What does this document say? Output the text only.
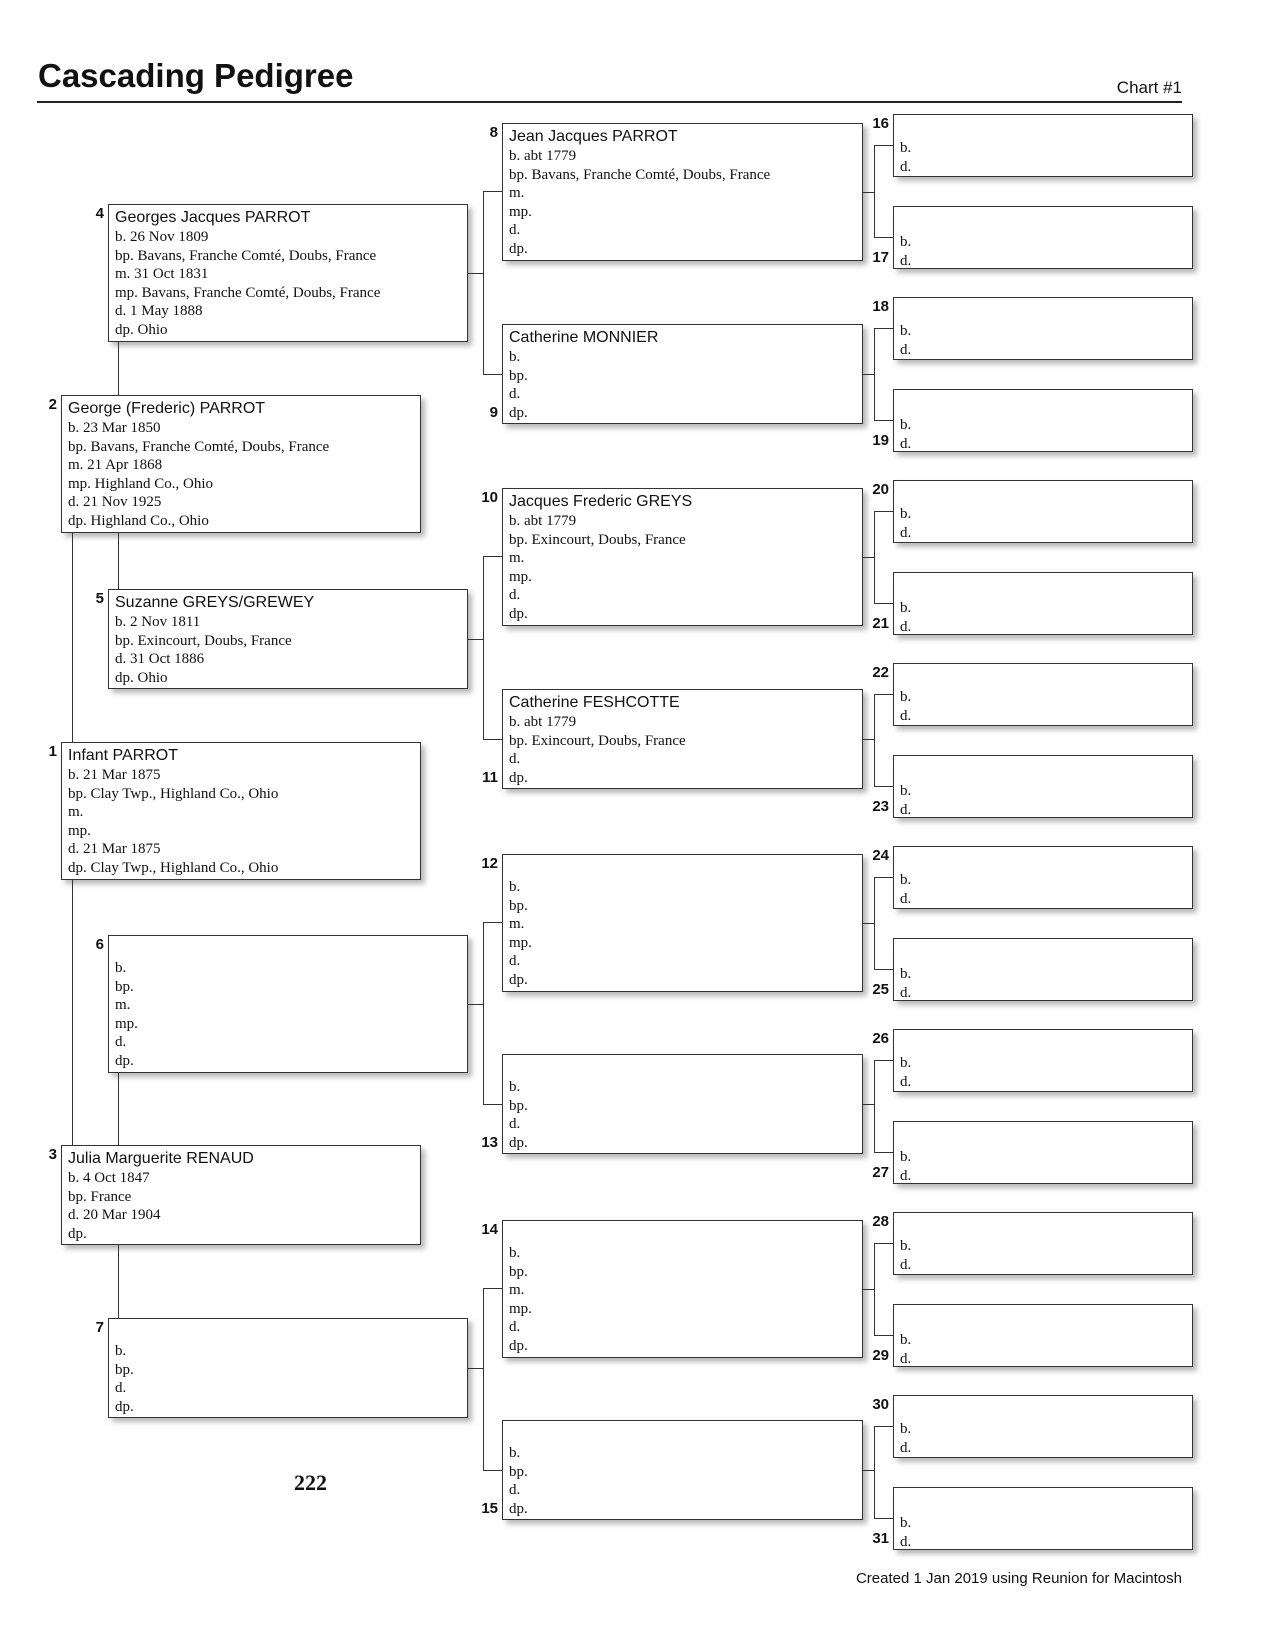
Cascading Pedigree	Chart #1
Infant PARROT
b. 21 Mar 1875
bp. Clay Twp., Highland Co., Ohio
m.
mp.
d. 21 Mar 1875
dp. Clay Twp., Highland Co., Ohio
1
George (Frederic) PARROT
b. 23 Mar 1850
bp. Bavans, Franche Comté, Doubs, France
m. 21 Apr 1868
mp. Highland Co., Ohio
d. 21 Nov 1925
dp. Highland Co., Ohio
2
Julia Marguerite RENAUD
b. 4 Oct 1847
bp. France
d. 20 Mar 1904
dp.
3
Georges Jacques PARROT
b. 26 Nov 1809
bp. Bavans, Franche Comté, Doubs, France
m. 31 Oct 1831
mp. Bavans, Franche Comté, Doubs, France
d. 1 May 1888
dp. Ohio
4
Suzanne GREYS/GREWEY
b. 2 Nov 1811
bp. Exincourt, Doubs, France
d. 31 Oct 1886
dp. Ohio
5
b.
bp.
m.
mp.
d.
dp.
6
b.
bp.
d.
dp.
7
Jean Jacques PARROT
b. abt 1779
bp. Bavans, Franche Comté, Doubs, France
m.
mp.
d.
dp.
8
Catherine MONNIER
b.
bp.
d.
dp.
9
Jacques Frederic GREYS
b. abt 1779
bp. Exincourt, Doubs, France
m.
mp.
d.
dp.
10
Catherine FESHCOTTE
b. abt 1779
bp. Exincourt, Doubs, France
d.
dp.
11
b.
bp.
m.
mp.
d.
dp.
12
b.
bp.
d.
dp.
13
b.
bp.
m.
mp.
d.
dp.
14
b.
bp.
d.
dp.
15
b.
d.
16
b.
d.
17
b.
d.
18
b.
d.
19
b.
d.
20
b.
d.
21
b.
d.
22
b.
d.
23
b.
d.
24
b.
d.
25
b.
d.
26
b.
d.
27
b.
d.
28
b.
d.
29
b.
d.
30
b.
d.
31
222
Created 1 Jan 2019 using Reunion for Macintosh
